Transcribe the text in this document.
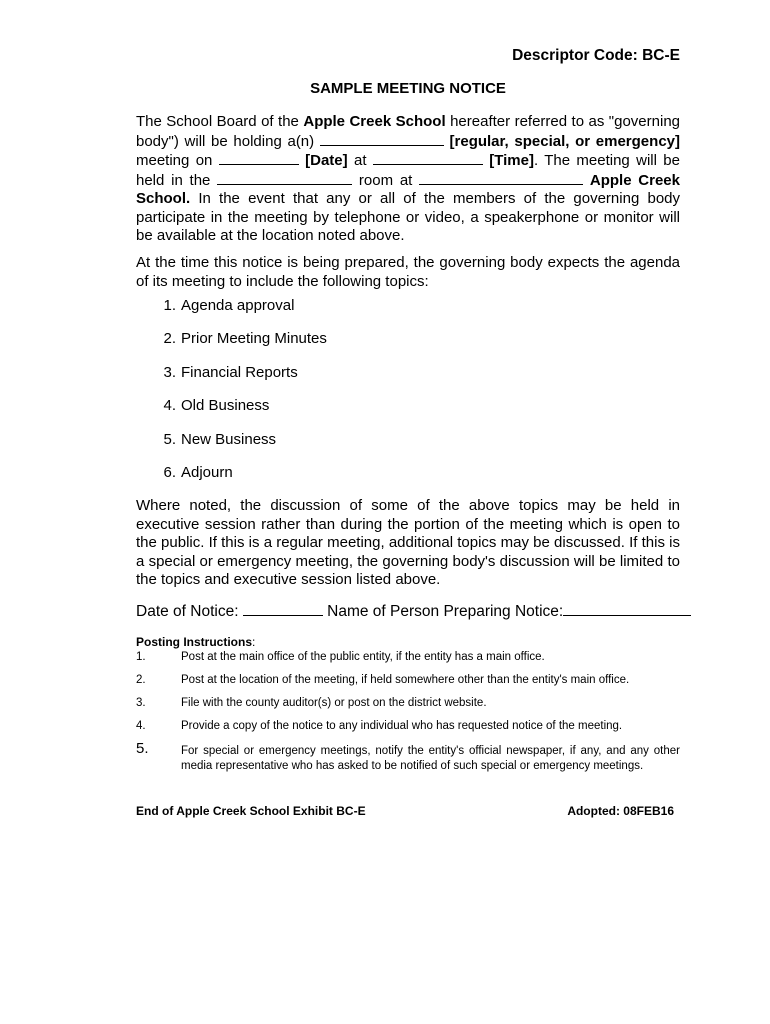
Descriptor Code: BC-E
SAMPLE MEETING NOTICE
The School Board of the Apple Creek School hereafter referred to as "governing body") will be holding a(n)	[regular, special, or emergency] meeting on	[Date] at	[Time]. The meeting will be held in the	room at	Apple Creek School. In the event that any or all of the members of the governing body participate in the meeting by telephone or video, a speakerphone or monitor will be available at the location noted above.
At the time this notice is being prepared, the governing body expects the agenda of its meeting to include the following topics:
1. Agenda approval
2. Prior Meeting Minutes
3. Financial Reports
4. Old Business
5. New Business
6. Adjourn
Where noted, the discussion of some of the above topics may be held in executive session rather than during the portion of the meeting which is open to the public. If this is a regular meeting, additional topics may be discussed. If this is a special or emergency meeting, the governing body's discussion will be limited to the topics and executive session listed above.
Date of Notice:	Name of Person Preparing Notice:
Posting Instructions:
1.	Post at the main office of the public entity, if the entity has a main office.
2.	Post at the location of the meeting, if held somewhere other than the entity's main office.
3.	File with the county auditor(s) or post on the district website.
4.	Provide a copy of the notice to any individual who has requested notice of the meeting.
5.	For special or emergency meetings, notify the entity's official newspaper, if any, and any other media representative who has asked to be notified of such special or emergency meetings.
End of Apple Creek School Exhibit BC-E	Adopted: 08FEB16
